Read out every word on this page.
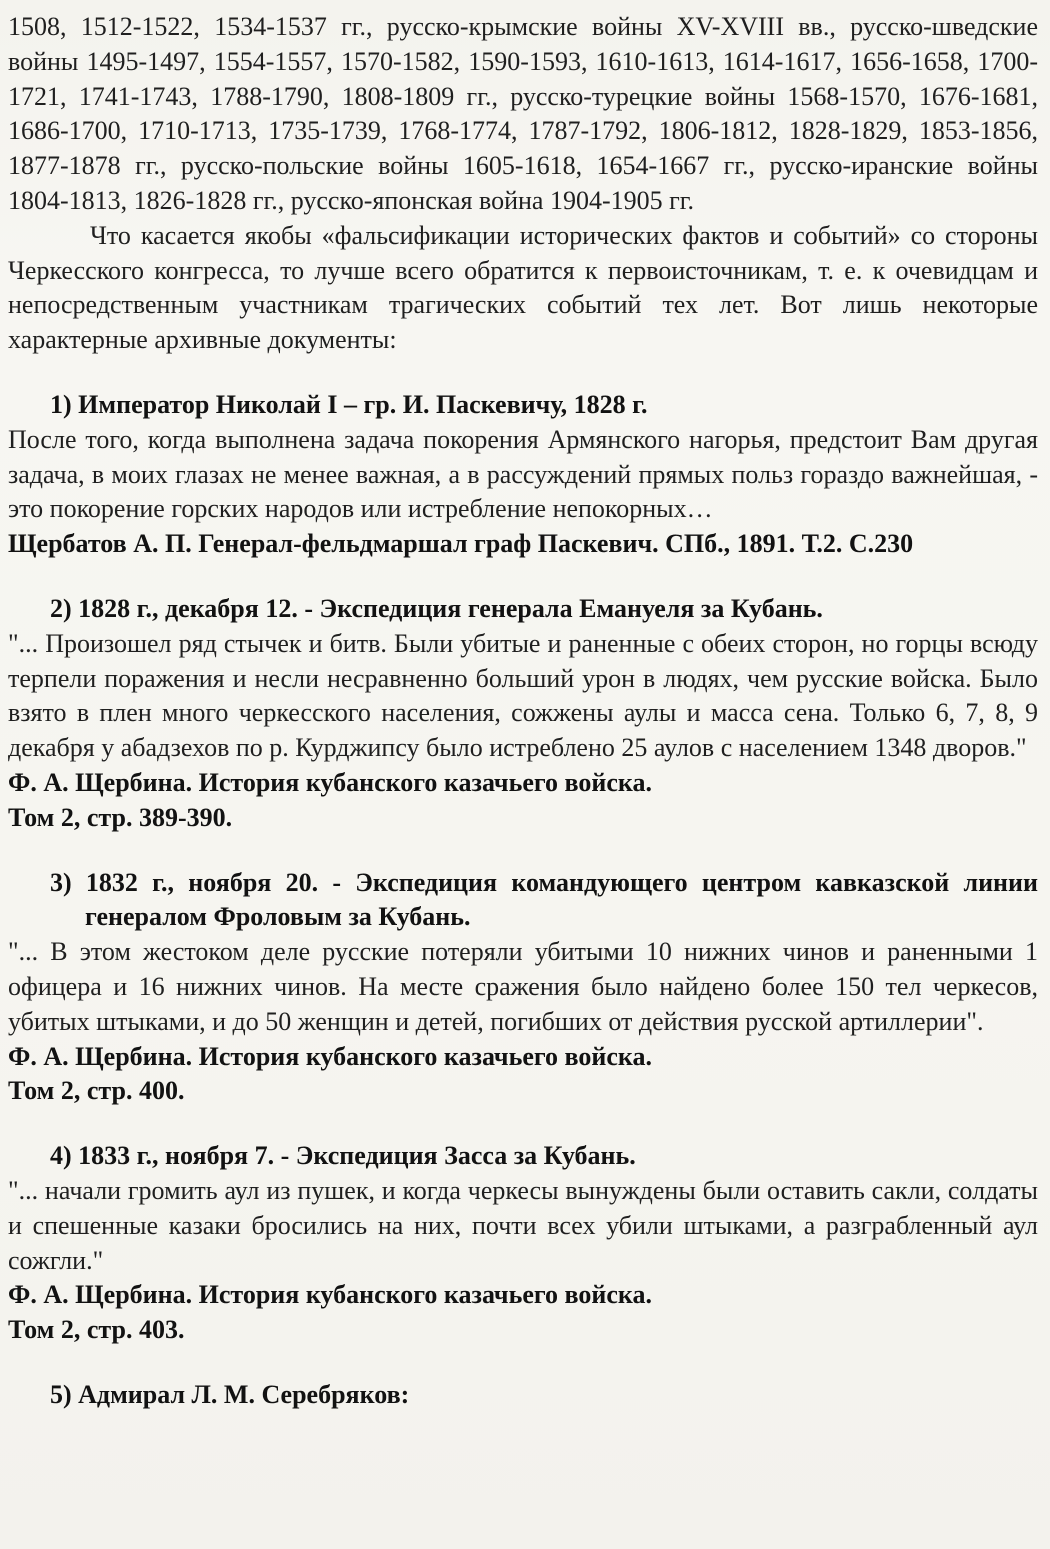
1508, 1512-1522, 1534-1537 гг., русско-крымские войны XV-XVIII вв., русско-шведские войны 1495-1497, 1554-1557, 1570-1582, 1590-1593, 1610-1613, 1614-1617, 1656-1658, 1700-1721, 1741-1743, 1788-1790, 1808-1809 гг., русско-турецкие войны 1568-1570, 1676-1681, 1686-1700, 1710-1713, 1735-1739, 1768-1774, 1787-1792, 1806-1812, 1828-1829, 1853-1856, 1877-1878 гг., русско-польские войны 1605-1618, 1654-1667 гг., русско-иранские войны 1804-1813, 1826-1828 гг., русско-японская война 1904-1905 гг.

Что касается якобы «фальсификации исторических фактов и событий» со стороны Черкесского конгресса, то лучше всего обратится к первоисточникам, т. е. к очевидцам и непосредственным участникам трагических событий тех лет. Вот лишь некоторые характерные архивные документы:

1) Император Николай I – гр. И. Паскевичу, 1828 г.

После того, когда выполнена задача покорения Армянского нагорья, предстоит Вам другая задача, в моих глазах не менее важная, а в рассуждений прямых польз гораздо важнейшая, - это покорение горских народов или истребление непокорных…

Щербатов А. П. Генерал-фельдмаршал граф Паскевич. СПб., 1891. Т.2. С.230

2) 1828 г., декабря 12. - Экспедиция генерала Емануеля за Кубань.

"... Произошел ряд стычек и битв. Были убитые и раненные с обеих сторон, но горцы всюду терпели поражения и несли несравненно больший урон в людях, чем русские войска. Было взято в плен много черкесского населения, сожжены аулы и масса сена. Только 6, 7, 8, 9 декабря у абадзехов по р. Курджипсу было истреблено 25 аулов с населением 1348 дворов."

Ф. А. Щербина. История кубанского казачьего войска.

Том 2, стр. 389-390.

3) 1832 г., ноября 20. - Экспедиция командующего центром кавказской линии генералом Фроловым за Кубань.

"... В этом жестоком деле русские потеряли убитыми 10 нижних чинов и раненными 1 офицера и 16 нижних чинов. На месте сражения было найдено более 150 тел черкесов, убитых штыками, и до 50 женщин и детей, погибших от действия русской артиллерии".

Ф. А. Щербина. История кубанского казачьего войска.

Том 2, стр. 400.

4) 1833 г., ноября 7. - Экспедиция Засса за Кубань.

"... начали громить аул из пушек, и когда черкесы вынуждены были оставить сакли, солдаты и спешенные казаки бросились на них, почти всех убили штыками, а разграбленный аул сожгли."

Ф. А. Щербина. История кубанского казачьего войска.

Том 2, стр. 403.

5) Адмирал Л. М. Серебряков:
